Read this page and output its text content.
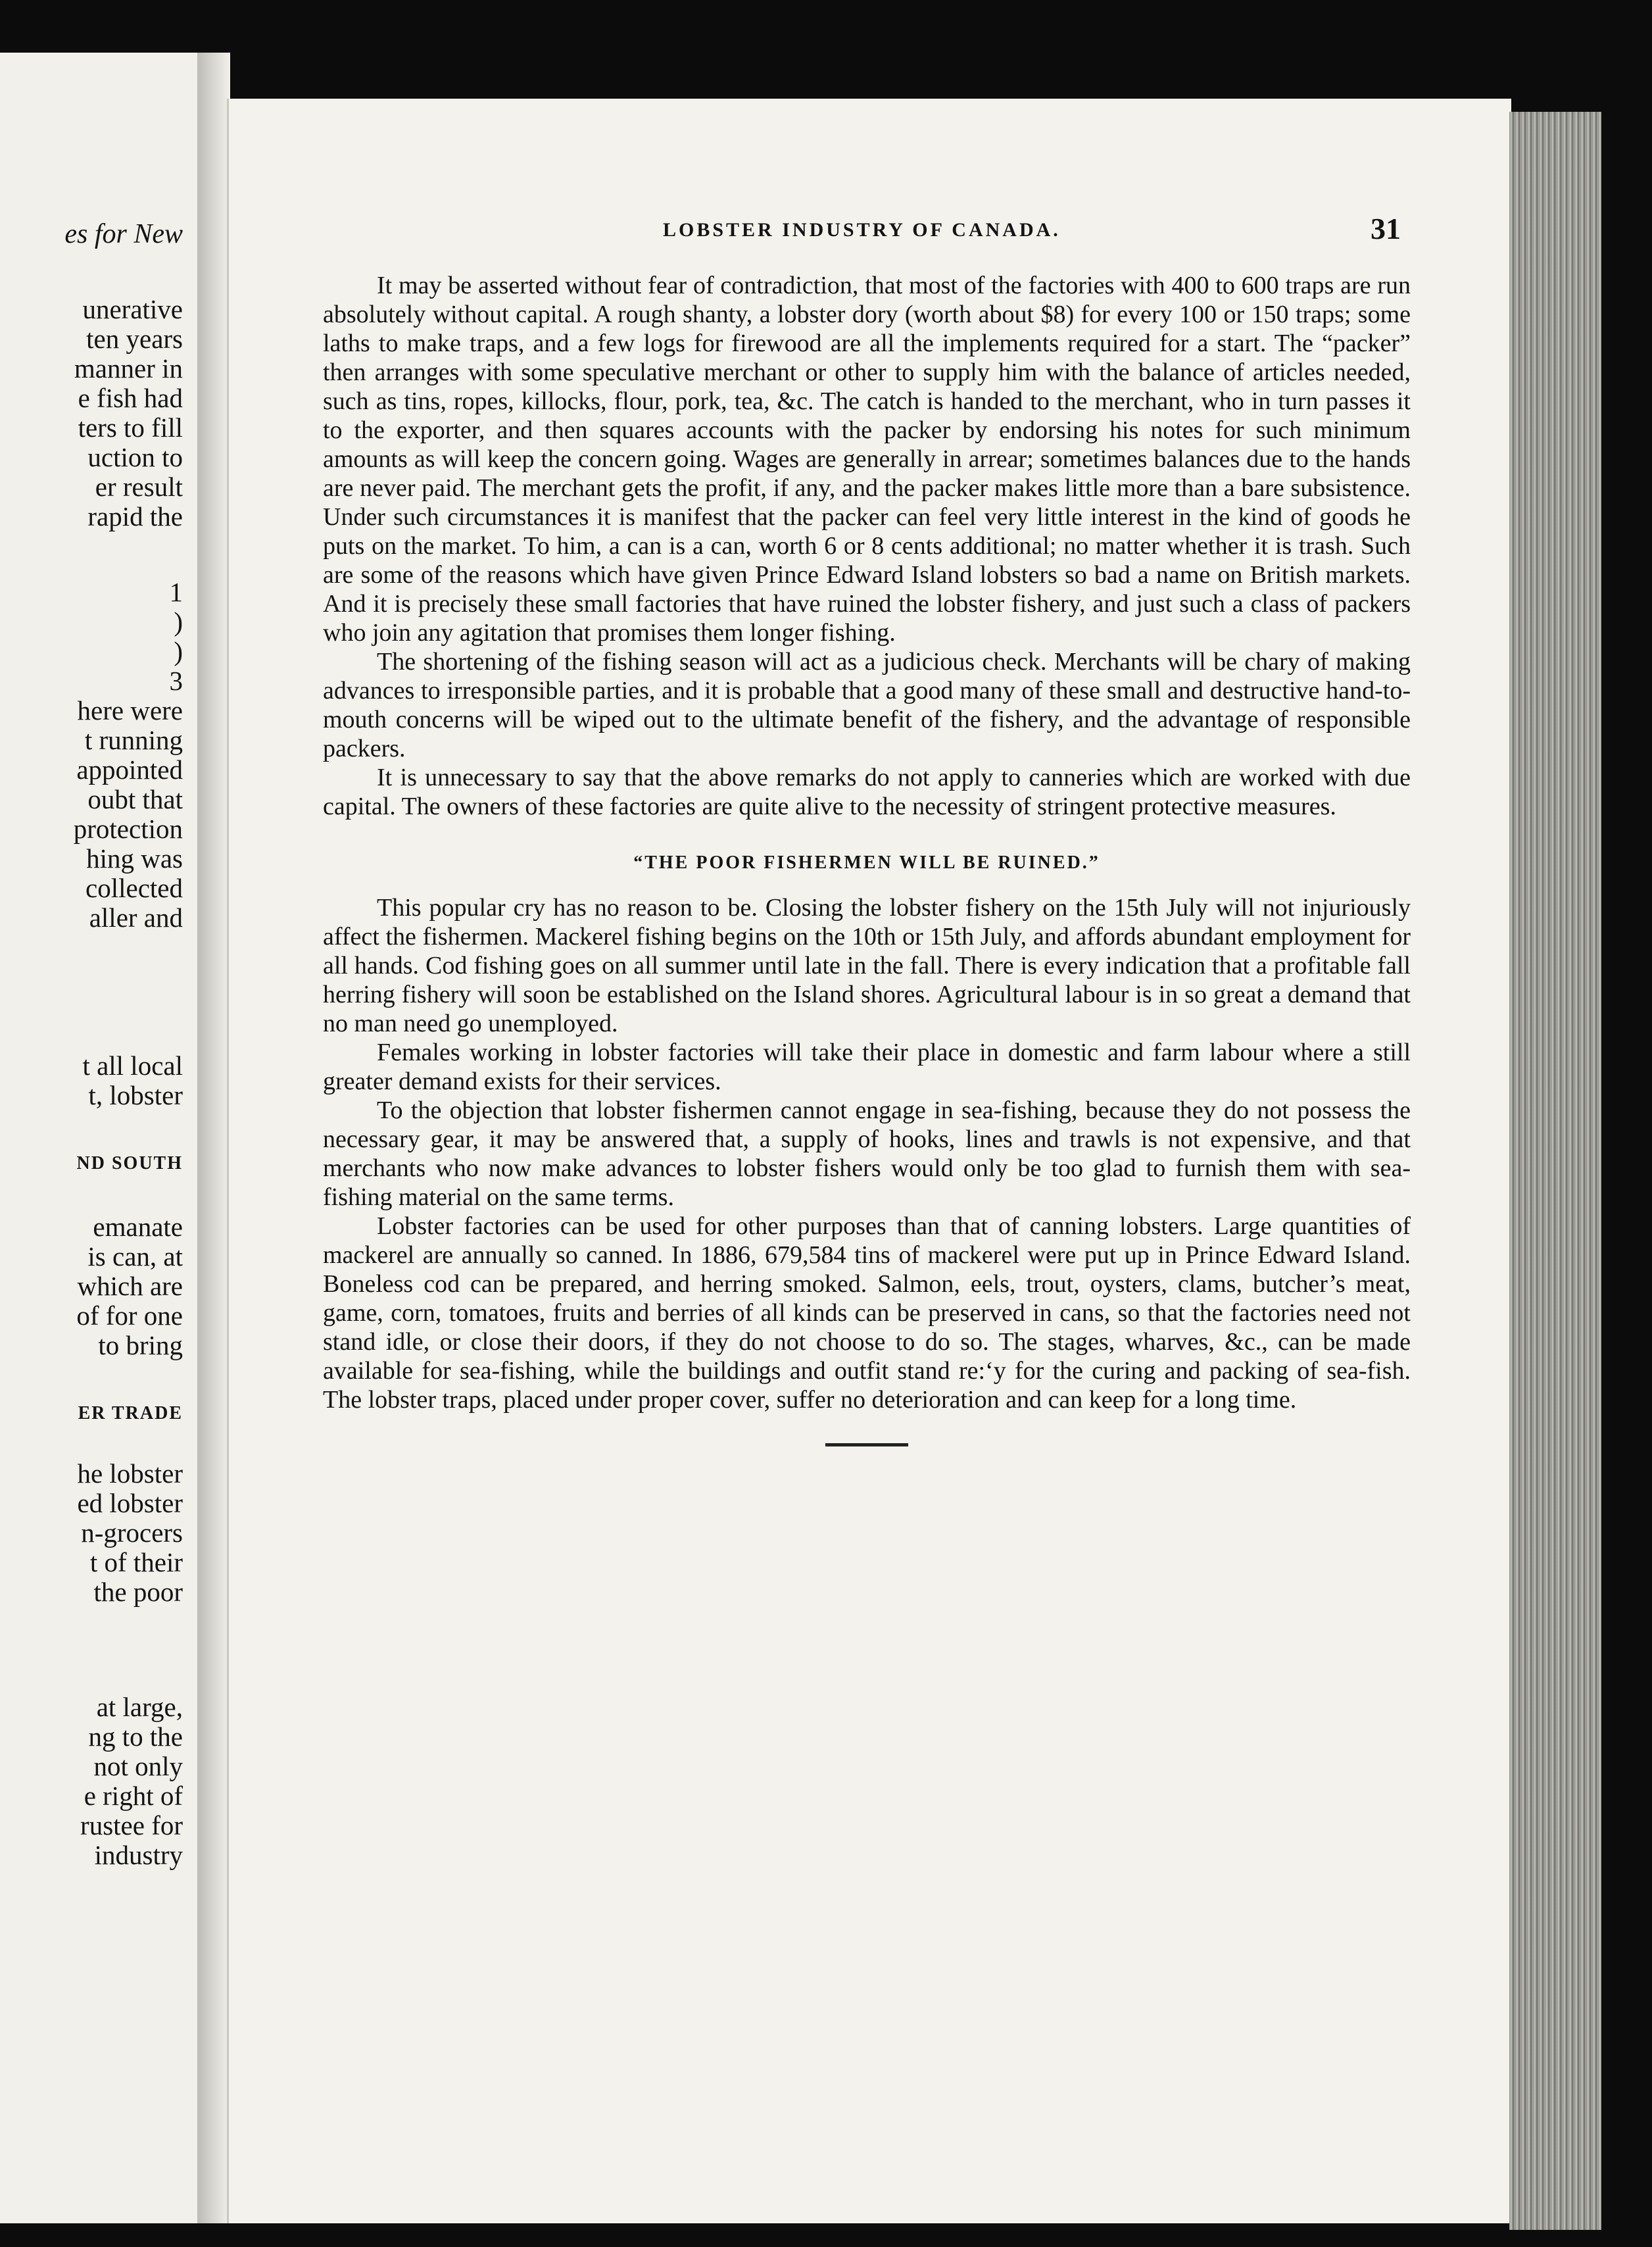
es for New
unerative
ten years
manner in
e fish had
ters to fill
uction to
er result
rapid the
1
)
)
3
here were
t running
appointed
oubt that
protection
hing was
collected
aller and
t all local
t, lobster
ND SOUTH
emanate
is can, at
which are
of for one
to bring
ER TRADE
he lobster
ed lobster
n-grocers
t of their
the poor
at large,
ng to the
not only
e right of
rustee for
industry
LOBSTER INDUSTRY OF CANADA.	31

It may be asserted without fear of contradiction, that most of the factories with 400 to 600 traps are run absolutely without capital. A rough shanty, a lobster dory (worth about $8) for every 100 or 150 traps; some laths to make traps, and a few logs for firewood are all the implements required for a start. The “packer” then arranges with some speculative merchant or other to supply him with the balance of articles needed, such as tins, ropes, killocks, flour, pork, tea, &c. The catch is handed to the merchant, who in turn passes it to the exporter, and then squares accounts with the packer by endorsing his notes for such minimum amounts as will keep the concern going. Wages are generally in arrear; sometimes balances due to the hands are never paid. The merchant gets the profit, if any, and the packer makes little more than a bare subsistence. Under such circumstances it is manifest that the packer can feel very little interest in the kind of goods he puts on the market. To him, a can is a can, worth 6 or 8 cents additional; no matter whether it is trash. Such are some of the reasons which have given Prince Edward Island lobsters so bad a name on British markets. And it is precisely these small factories that have ruined the lobster fishery, and just such a class of packers who join any agitation that promises them longer fishing.

The shortening of the fishing season will act as a judicious check. Merchants will be chary of making advances to irresponsible parties, and it is probable that a good many of these small and destructive hand-to-mouth concerns will be wiped out to the ultimate benefit of the fishery, and the advantage of responsible packers.

It is unnecessary to say that the above remarks do not apply to canneries which are worked with due capital. The owners of these factories are quite alive to the necessity of stringent protective measures.

“THE POOR FISHERMEN WILL BE RUINED.”

This popular cry has no reason to be. Closing the lobster fishery on the 15th July will not injuriously affect the fishermen. Mackerel fishing begins on the 10th or 15th July, and affords abundant employment for all hands. Cod fishing goes on all summer until late in the fall. There is every indication that a profitable fall herring fishery will soon be established on the Island shores. Agricultural labour is in so great a demand that no man need go unemployed.

Females working in lobster factories will take their place in domestic and farm labour where a still greater demand exists for their services.

To the objection that lobster fishermen cannot engage in sea-fishing, because they do not possess the necessary gear, it may be answered that, a supply of hooks, lines and trawls is not expensive, and that merchants who now make advances to lobster fishers would only be too glad to furnish them with sea-fishing material on the same terms.

Lobster factories can be used for other purposes than that of canning lobsters. Large quantities of mackerel are annually so canned. In 1886, 679,584 tins of mackerel were put up in Prince Edward Island. Boneless cod can be prepared, and herring smoked. Salmon, eels, trout, oysters, clams, butcher’s meat, game, corn, tomatoes, fruits and berries of all kinds can be preserved in cans, so that the factories need not stand idle, or close their doors, if they do not choose to do so. The stages, wharves, &c., can be made available for sea-fishing, while the buildings and outfit stand re:‘y for the curing and packing of sea-fish. The lobster traps, placed under proper cover, suffer no deterioration and can keep for a long time.
